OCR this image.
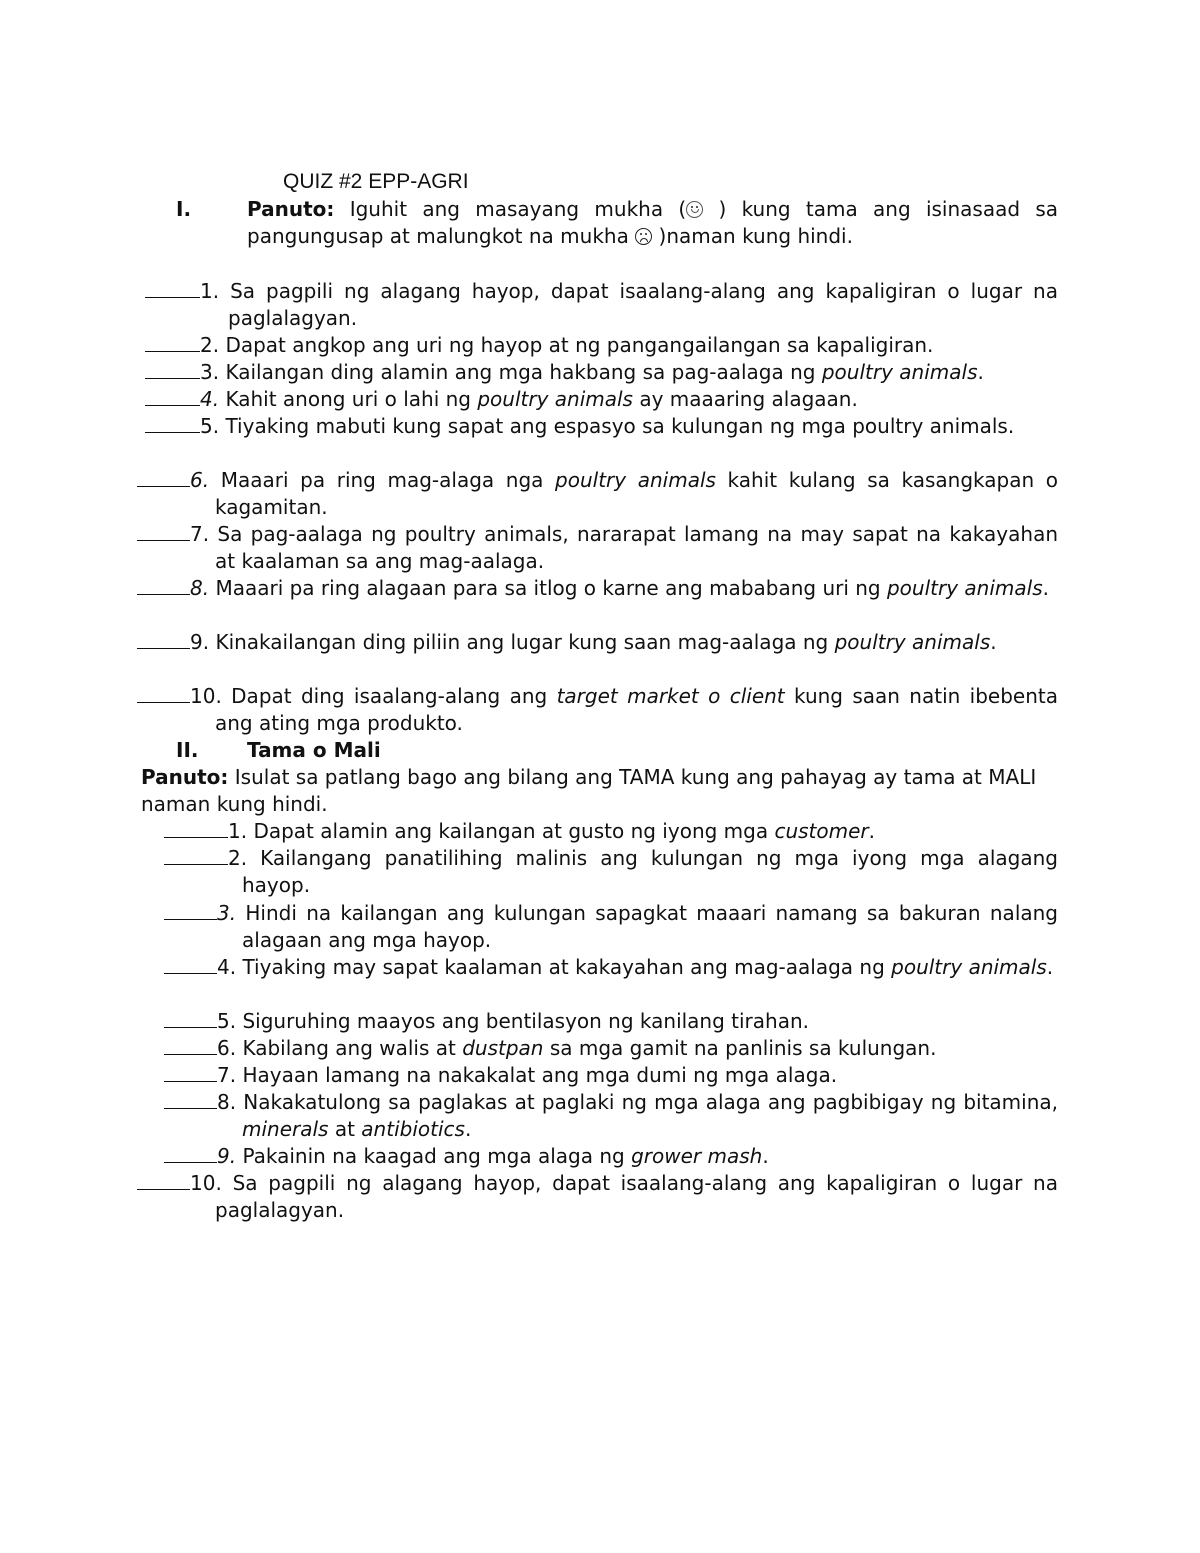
QUIZ #2 EPP-AGRI
I.	Panuto: Iguhit ang masayang mukha (
) kung tama ang isinasaad sa pangungusap at malungkot na mukha
)naman kung hindi.
1. Sa pagpili ng alagang hayop, dapat isaalang-alang ang kapaligiran o lugar na paglalagyan.
2. Dapat angkop ang uri ng hayop at ng pangangailangan sa kapaligiran.
3. Kailangan ding alamin ang mga hakbang sa pag-aalaga ng poultry animals.
4. Kahit anong uri o lahi ng poultry animals ay maaaring alagaan.
5. Tiyaking mabuti kung sapat ang espasyo sa kulungan ng mga poultry animals.
6. Maaari pa ring mag-alaga nga poultry animals kahit kulang sa kasangkapan o kagamitan.
7. Sa pag-aalaga ng poultry animals, nararapat lamang na may sapat na kakayahan at kaalaman sa ang mag-aalaga.
8. Maaari pa ring alagaan para sa itlog o karne ang mababang uri ng poultry animals.
9. Kinakailangan ding piliin ang lugar kung saan mag-aalaga ng poultry animals.
10. Dapat ding isaalang-alang ang target market o client kung saan natin ibebenta ang ating mga produkto.
II. Tama o Mali
Panuto: Isulat sa patlang bago ang bilang ang TAMA kung ang pahayag ay tama at MALI naman kung hindi.
1. Dapat alamin ang kailangan at gusto ng iyong mga customer.
2. Kailangang panatilihing malinis ang kulungan ng mga iyong mga alagang hayop.
3. Hindi na kailangan ang kulungan sapagkat maaari namang sa bakuran nalang alagaan ang mga hayop.
4. Tiyaking may sapat kaalaman at kakayahan ang mag-aalaga ng poultry animals.
5. Siguruhing maayos ang bentilasyon ng kanilang tirahan.
6. Kabilang ang walis at dustpan sa mga gamit na panlinis sa kulungan.
7. Hayaan lamang na nakakalat ang mga dumi ng mga alaga.
8. Nakakatulong sa paglakas at paglaki ng mga alaga ang pagbibigay ng bitamina, minerals at antibiotics.
9. Pakainin na kaagad ang mga alaga ng grower mash.
10. Sa pagpili ng alagang hayop, dapat isaalang-alang ang kapaligiran o lugar na paglalagyan.
